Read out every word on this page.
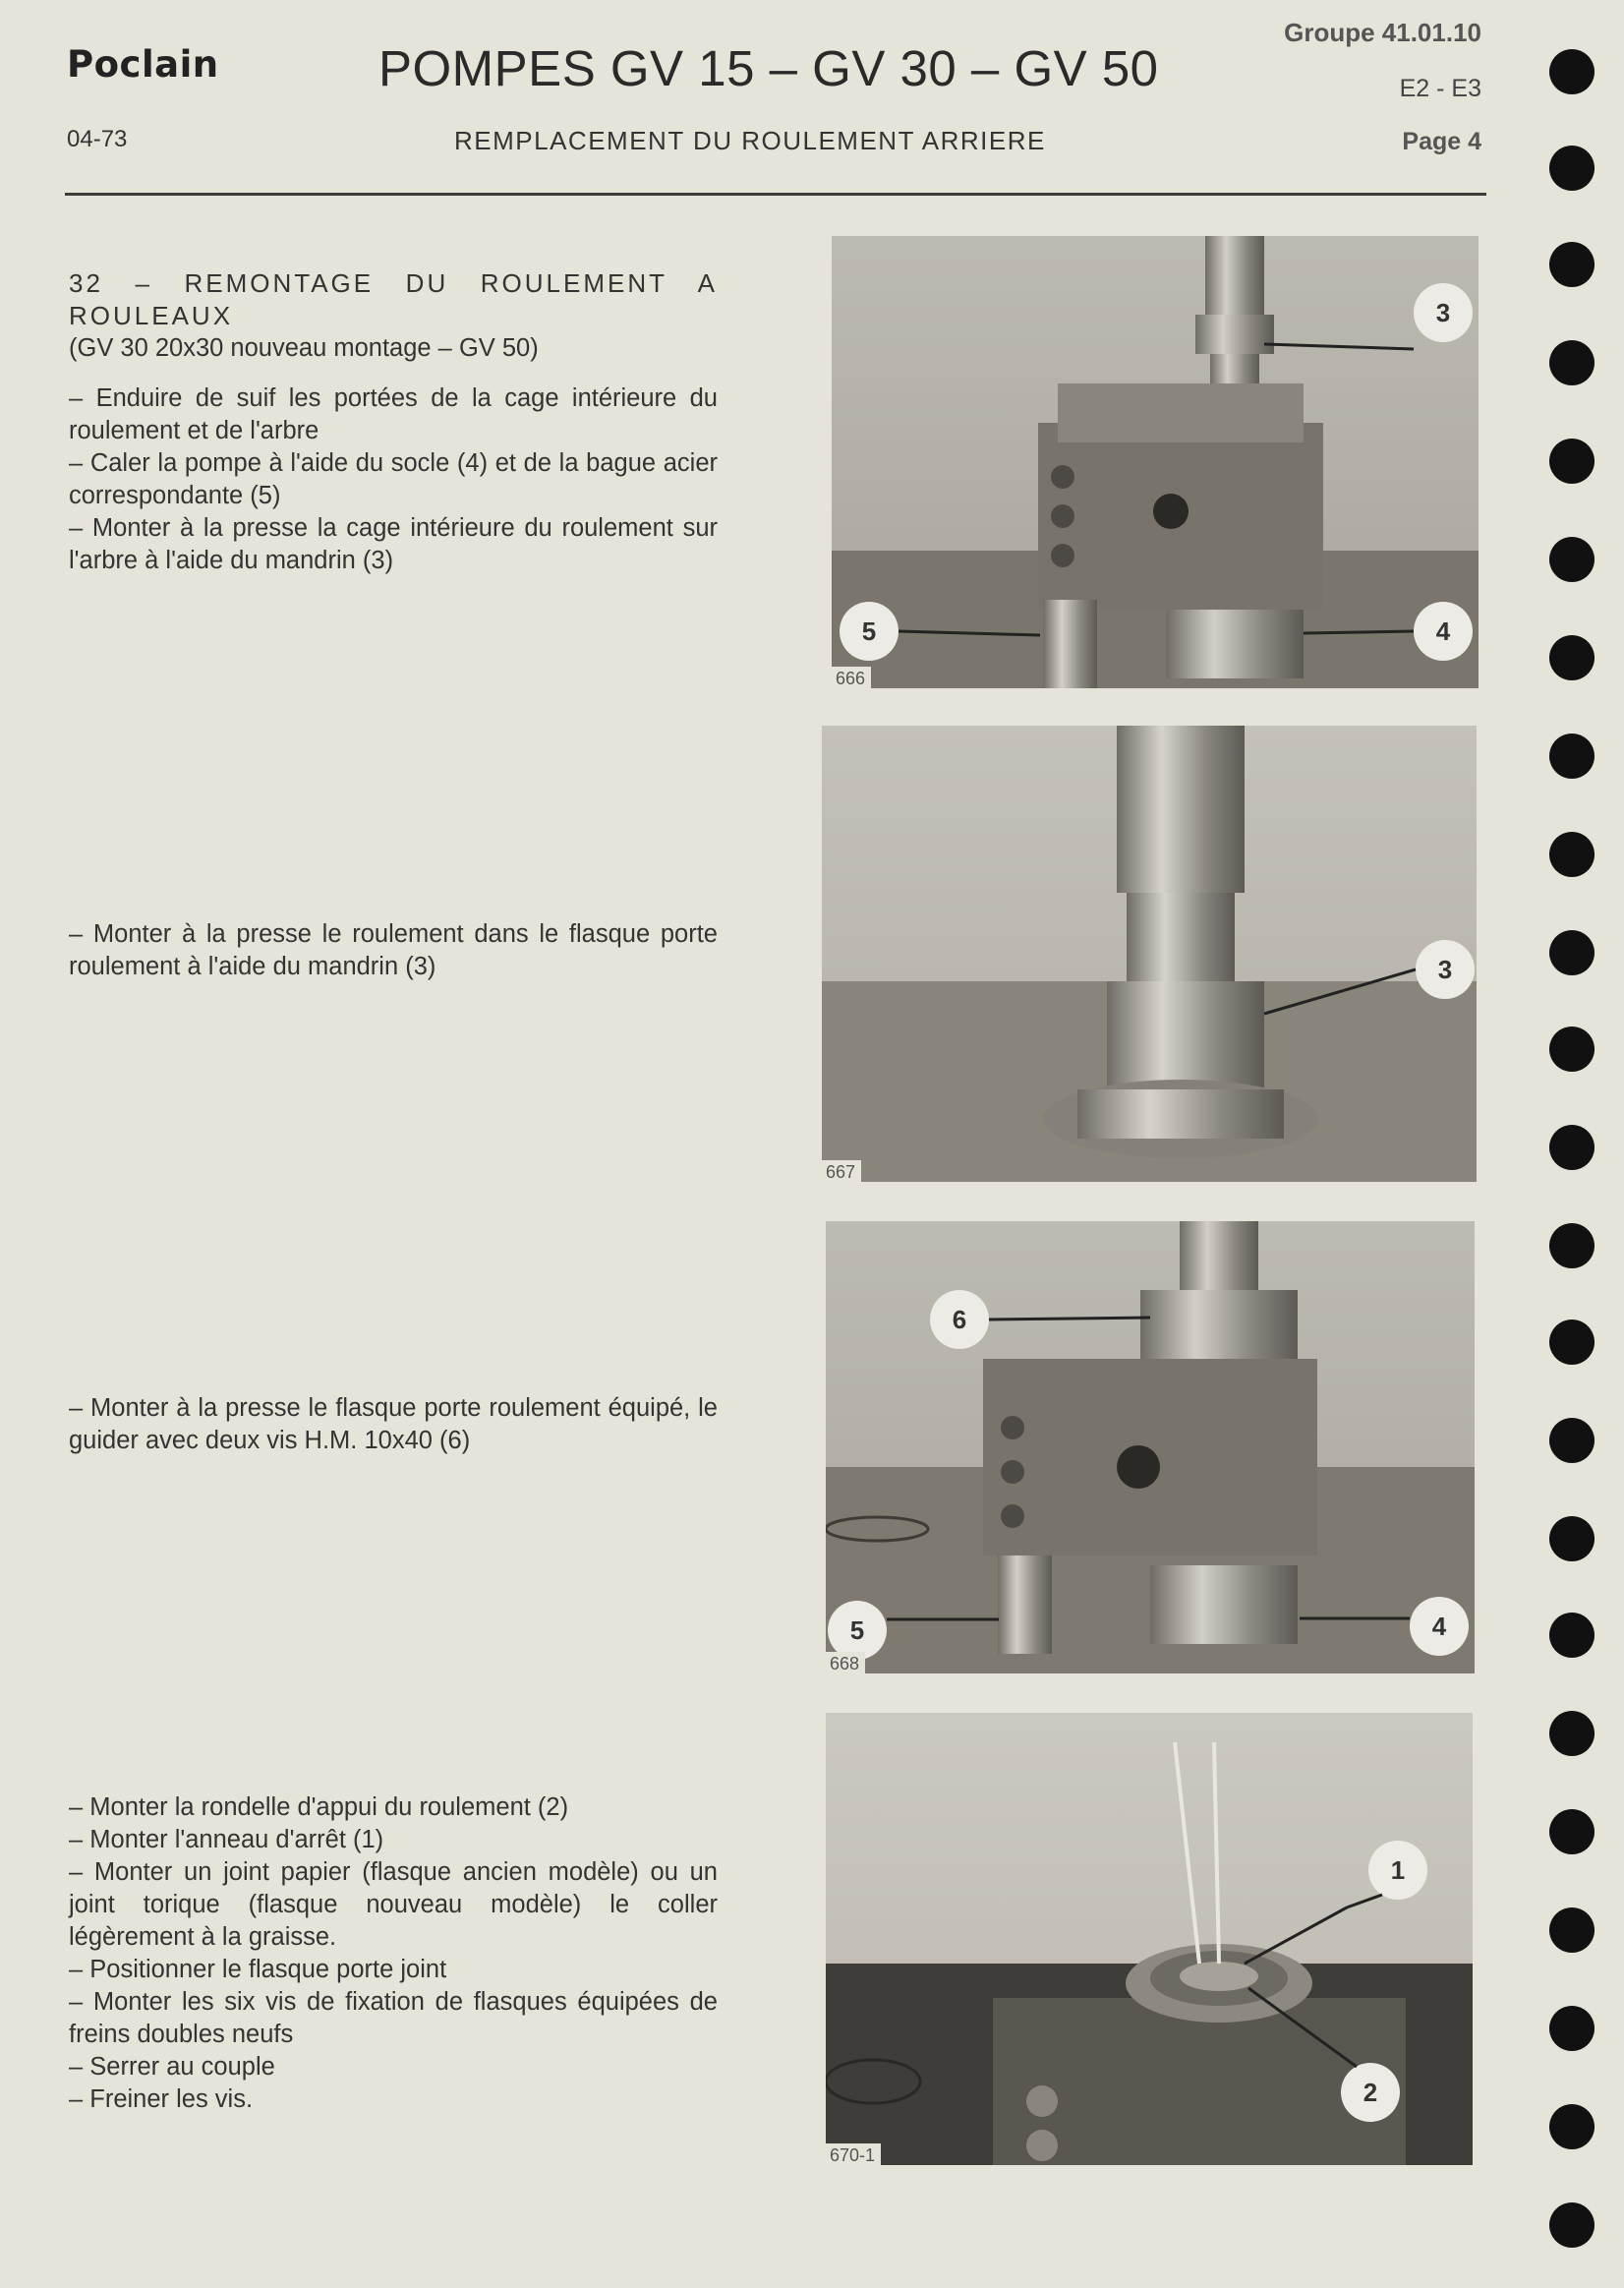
Poclain
04-73
POMPES GV 15 – GV 30 – GV 50
REMPLACEMENT DU ROULEMENT ARRIERE
Groupe 41.01.10
E2 - E3
Page 4

32 – REMONTAGE DU ROULEMENT A ROULEAUX

(GV 30 20x30 nouveau montage – GV 50)

– Enduire de suif les portées de la cage intérieure du roulement et de l'arbre

– Caler la pompe à l'aide du socle (4) et de la bague acier correspondante (5)

– Monter à la presse la cage intérieure du roulement sur l'arbre à l'aide du mandrin (3)

– Monter à la presse le roulement dans le flasque porte roulement à l'aide du mandrin (3)

– Monter à la presse le flasque porte roulement équipé, le guider avec deux vis H.M. 10x40 (6)

– Monter la rondelle d'appui du roulement (2)

– Monter l'anneau d'arrêt (1)

– Monter un joint papier (flasque ancien modèle) ou un joint torique (flasque nouveau modèle) le coller légèrement à la graisse.

– Positionner le flasque porte joint

– Monter les six vis de fixation de flasques équipées de freins doubles neufs

– Serrer au couple

– Freiner les vis.

3
5	4
666
3
667
6
5	4
668
1
2
670-1
